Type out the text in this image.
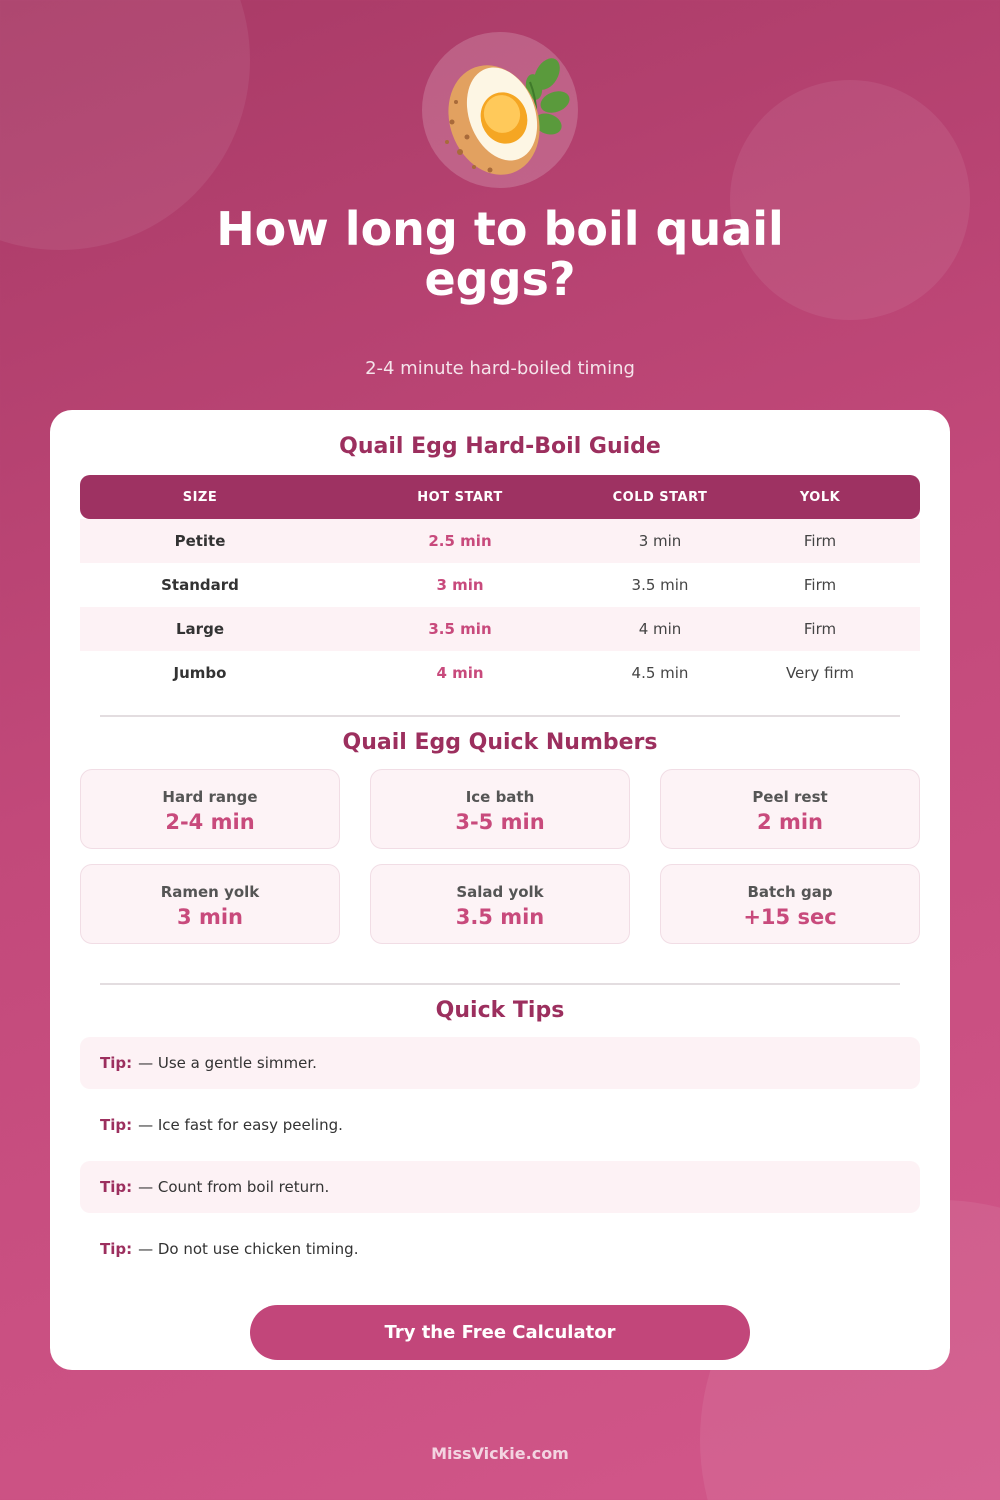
How long to boil quail eggs?
2-4 minute hard-boiled timing
Quail Egg Hard-Boil Guide
SIZE	HOT START	COLD START	YOLK
Petite	2.5 min	3 min	Firm
Standard	3 min	3.5 min	Firm
Large	3.5 min	4 min	Firm
Jumbo	4 min	4.5 min	Very firm
Quail Egg Quick Numbers
Hard range
2-4 min
Ice bath
3-5 min
Peel rest
2 min
Ramen yolk
3 min
Salad yolk
3.5 min
Batch gap
+15 sec
Quick Tips
Tip: — Use a gentle simmer.
Tip: — Ice fast for easy peeling.
Tip: — Count from boil return.
Tip: — Do not use chicken timing.
Try the Free Calculator
MissVickie.com
